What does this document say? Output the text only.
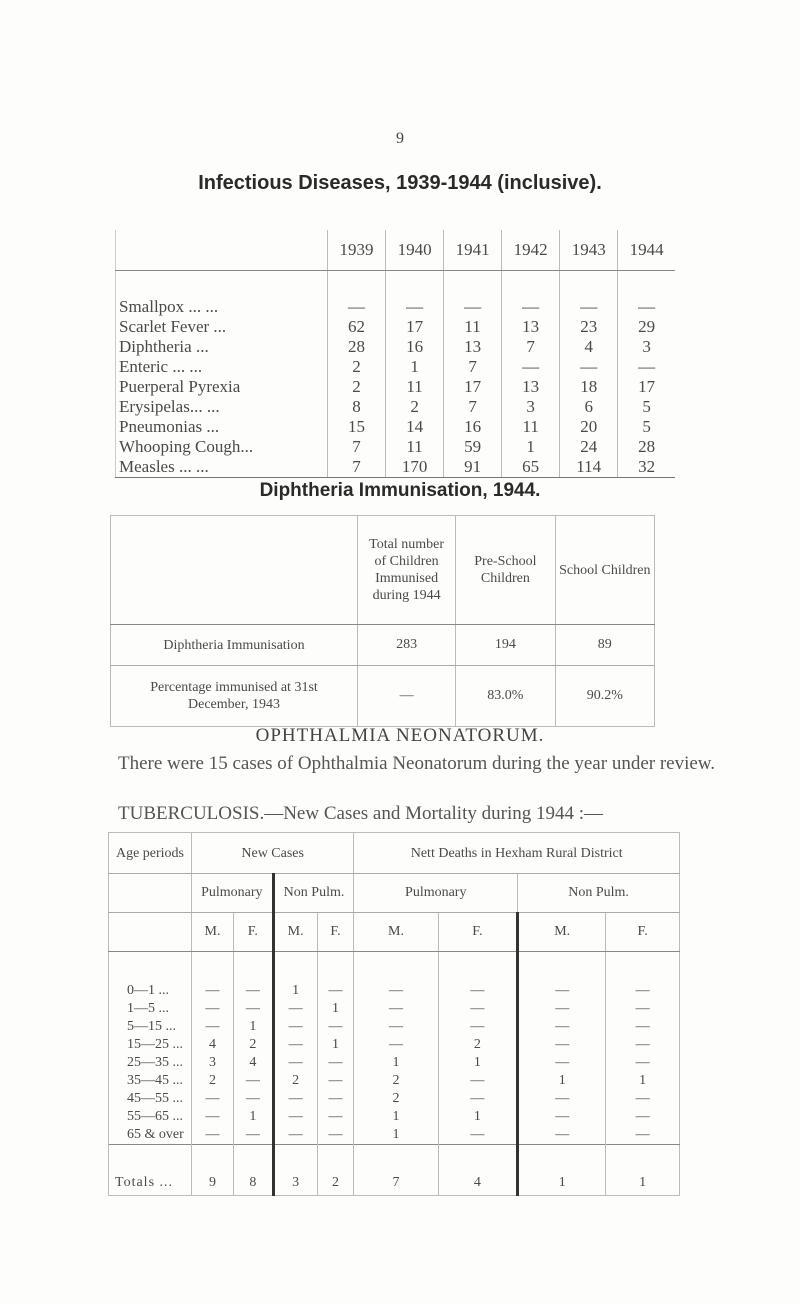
9
Infectious Diseases, 1939-1944 (inclusive).
	1939	1940	1941	1942	1943	1944
Smallpox ... ...	—	—	—	—	—	—
Scarlet Fever ...	62	17	11	13	23	29
Diphtheria ...	28	16	13	7	4	3
Enteric ... ...	2	1	7	—	—	—
Puerperal Pyrexia	2	11	17	13	18	17
Erysipelas... ...	8	2	7	3	6	5
Pneumonias ...	15	14	16	11	20	5
Whooping Cough...	7	11	59	1	24	28
Measles ... ...	7	170	91	65	114	32
Diphtheria Immunisation, 1944.
	Total number of Children Immunised during 1944	Pre-School Children	School Children
Diphtheria Immunisation	283	194	89
Percentage immunised at 31st December, 1943	—	83.0%	90.2%
OPHTHALMIA NEONATORUM.
There were 15 cases of Ophthalmia Neonatorum during the year under review.
TUBERCULOSIS.—New Cases and Mortality during 1944 :—
Age periods	New Cases				Nett Deaths in Hexham Rural District			
	Pulmonary		Non Pulm.		Pulmonary		Non Pulm.	
	M.	F.	M.	F.	M.	F.	M.	F.
0—1 ...	—	—	1	—	—	—	—	—
1—5 ...	—	—	—	1	—	—	—	—
5—15 ...	—	1	—	—	—	—	—	—
15—25 ...	4	2	—	1	—	2	—	—
25—35 ...	3	4	—	—	1	1	—	—
35—45 ...	2	—	2	—	2	—	1	1
45—55 ...	—	—	—	—	2	—	—	—
55—65 ...	—	1	—	—	1	1	—	—
65 & over	—	—	—	—	1	—	—	—
Totals ...	9	8	3	2	7	4	1	1
